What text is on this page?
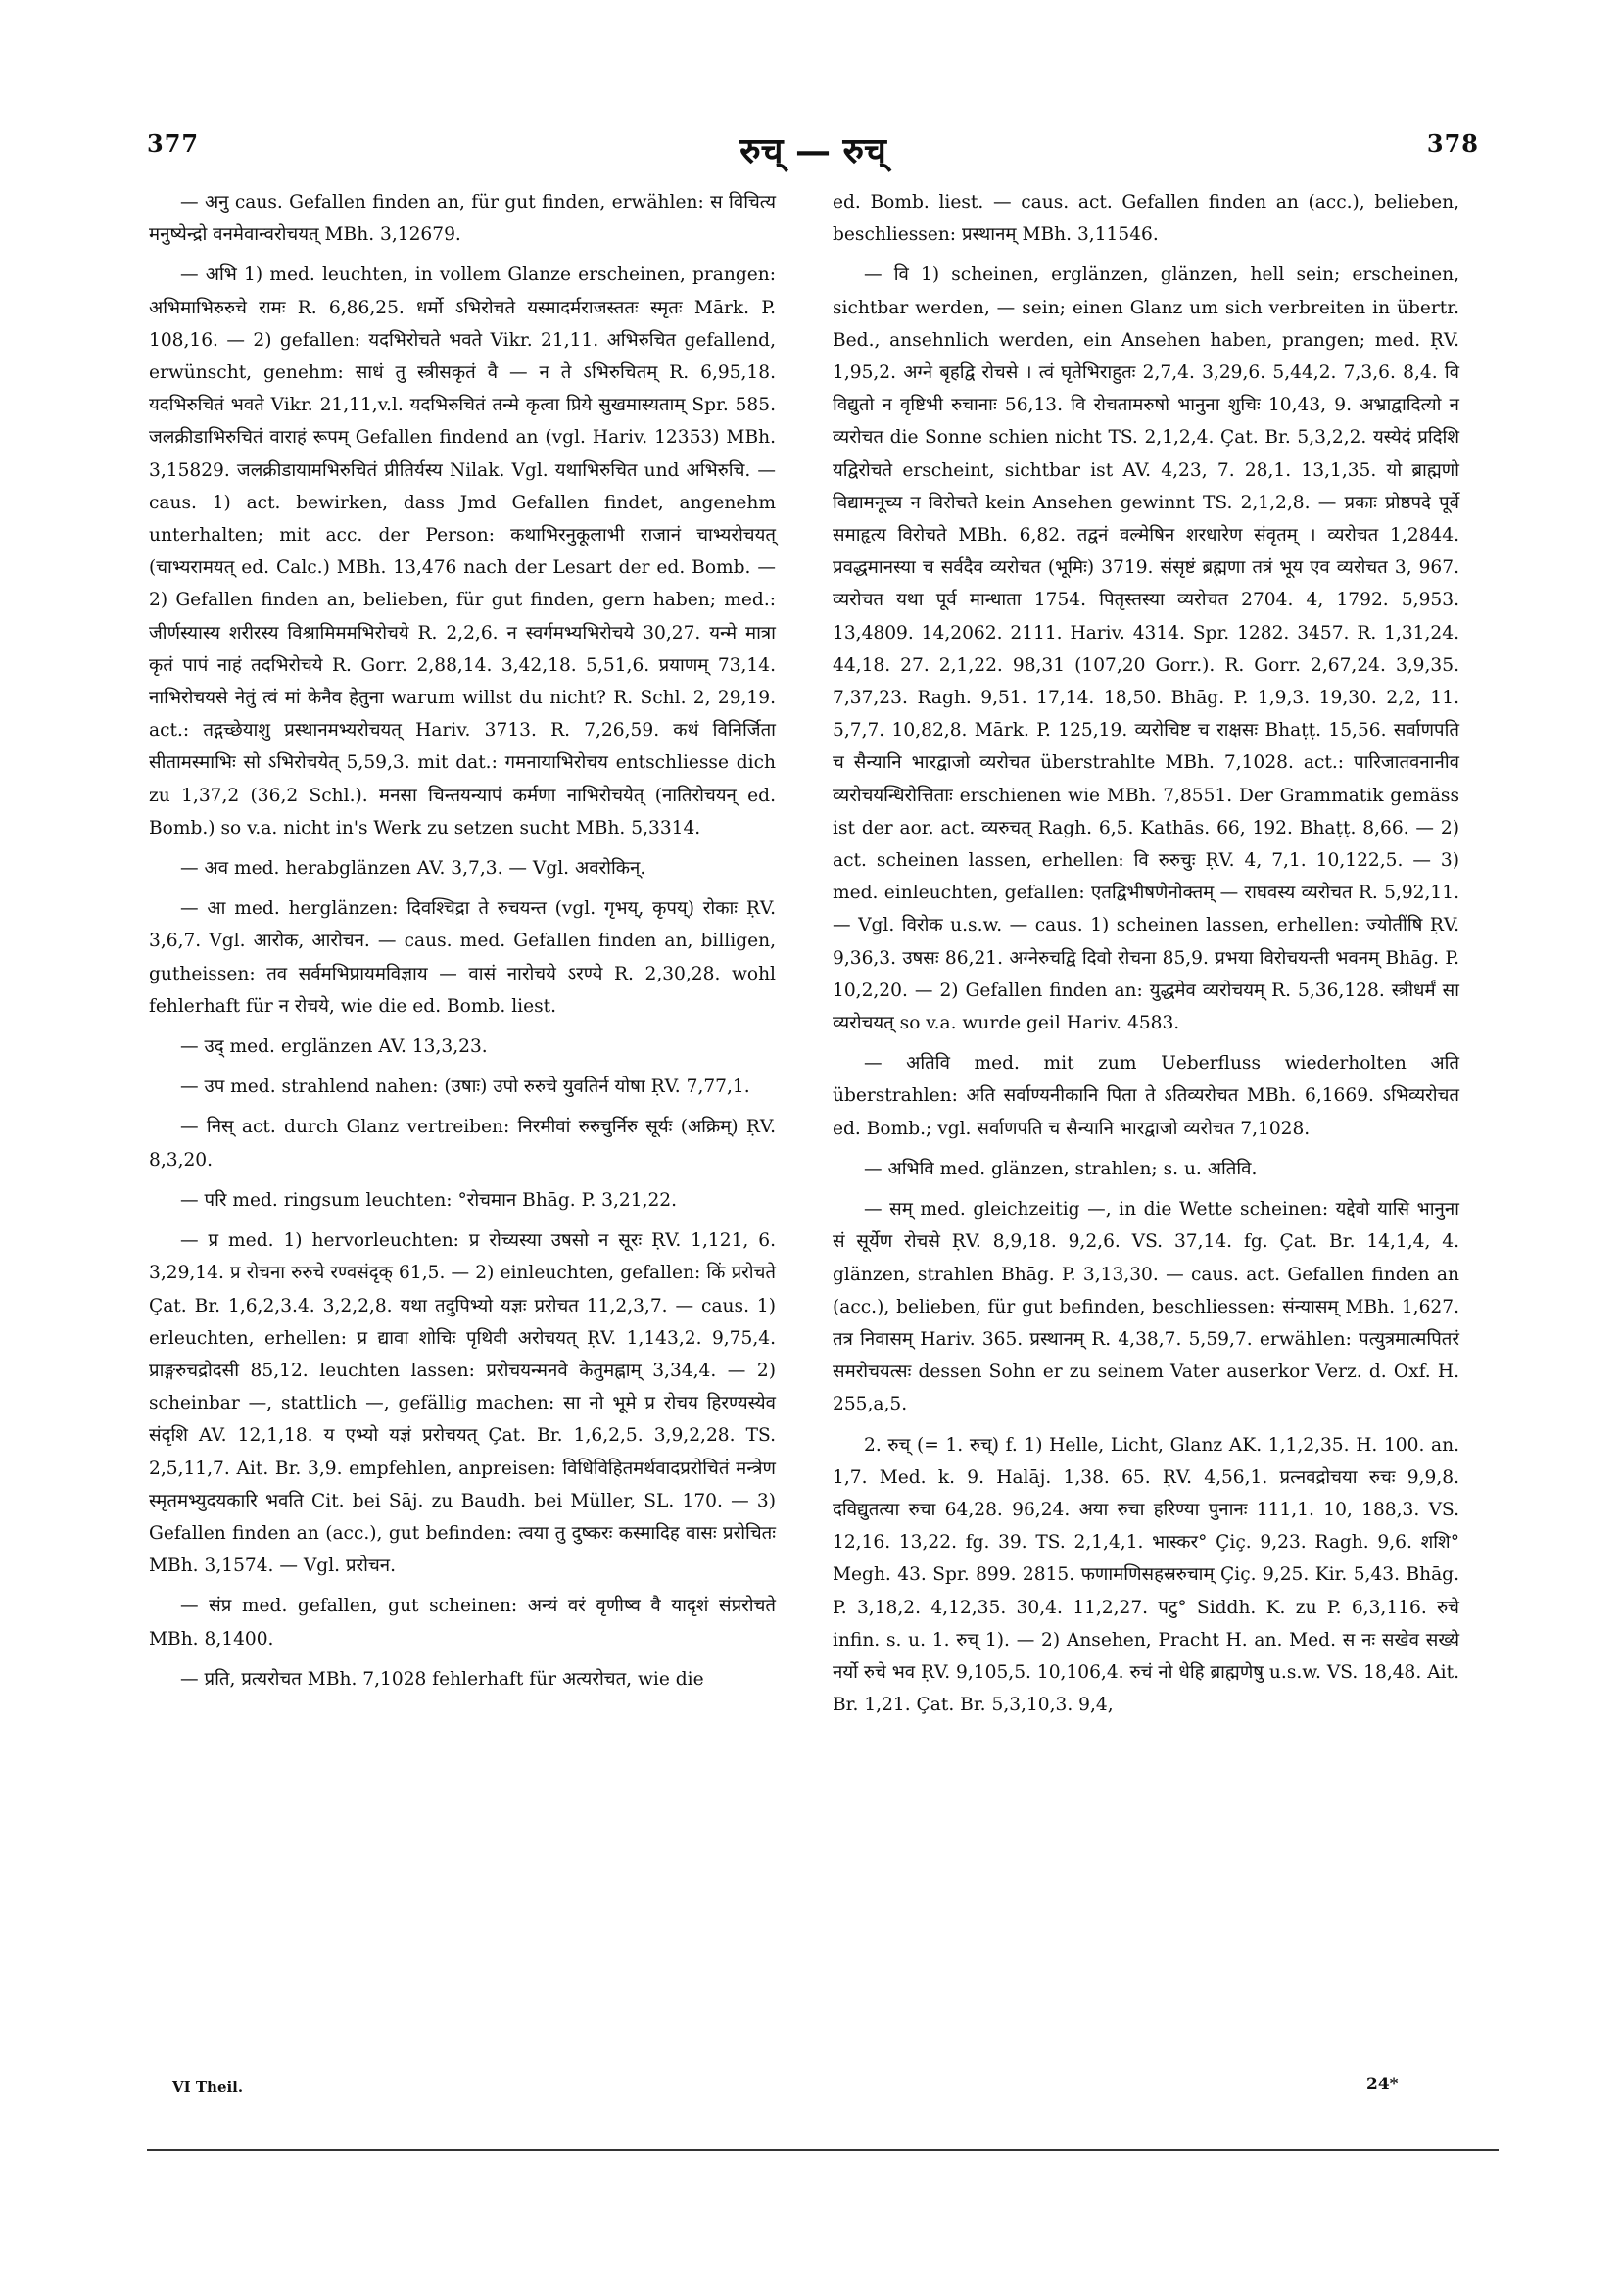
377	रुच् — रुच्	378

— अनु caus. Gefallen finden an, für gut finden, erwählen: स विचित्य मनुष्येन्द्रो वनमेवान्वरोचयत् MBh. 3,12679.

— अभि 1) med. leuchten, in vollem Glanze erscheinen, prangen: अभिमाभिरुरुचे रामः R. 6,86,25. धर्मो ऽभिरोचते यस्मादर्मराजस्ततः स्मृतः Mārk. P. 108,16. — 2) gefallen: यदभिरोचते भवते Vikr. 21,11. अभिरुचित gefallend, erwünscht, genehm: साधं तु स्त्रीसकृतं वै — न ते ऽभिरुचितम् R. 6,95,18. यदभिरुचितं भवते Vikr. 21,11,v.l. यदभिरुचितं तन्मे कृत्वा प्रिये सुखमास्यताम् Spr. 585. जलक्रीडाभिरुचितं वाराहं रूपम् Gefallen findend an (vgl. Hariv. 12353) MBh. 3,15829. जलक्रीडायामभिरुचितं प्रीतिर्यस्य Nilak. Vgl. यथाभिरुचित und अभिरुचि. — caus. 1) act. bewirken, dass Jmd Gefallen findet, angenehm unterhalten; mit acc. der Person: कथाभिरनुकूलाभी राजानं चाभ्यरोचयत् (चाभ्यरामयत् ed. Calc.) MBh. 13,476 nach der Lesart der ed. Bomb. — 2) Gefallen finden an, belieben, für gut finden, gern haben; med.: जीर्णस्यास्य शरीरस्य विश्रामिममभिरोचये R. 2,2,6. न स्वर्गमभ्यभिरोचये 30,27. यन्मे मात्रा कृतं पापं नाहं तदभिरोचये R. Gorr. 2,88,14. 3,42,18. 5,51,6. प्रयाणम् 73,14. नाभिरोचयसे नेतुं त्वं मां केनैव हेतुना warum willst du nicht? R. Schl. 2, 29,19. act.: तद्गच्छेयाशु प्रस्थानमभ्यरोचयत् Hariv. 3713. R. 7,26,59. कथं विनिर्जिता सीतामस्माभिः सो ऽभिरोचयेत् 5,59,3. mit dat.: गमनायाभिरोचय entschliesse dich zu 1,37,2 (36,2 Schl.). मनसा चिन्तयन्यापं कर्मणा नाभिरोचयेत् (नातिरोचयन् ed. Bomb.) so v.a. nicht in's Werk zu setzen sucht MBh. 5,3314.

— अव med. herabglänzen AV. 3,7,3. — Vgl. अवरोकिन्.

— आ med. herglänzen: दिवश्चिद्रा ते रुचयन्त (vgl. गृभय्, कृपय्) रोकाः ṚV. 3,6,7. Vgl. आरोक, आरोचन. — caus. med. Gefallen finden an, billigen, gutheissen: तव सर्वमभिप्रायमविज्ञाय — वासं नारोचये ऽरण्ये R. 2,30,28. wohl fehlerhaft für न रोचये, wie die ed. Bomb. liest.

— उद् med. erglänzen AV. 13,3,23.

— उप med. strahlend nahen: (उषाः) उपो रुरुचे युवतिर्न योषा ṚV. 7,77,1.

— निस् act. durch Glanz vertreiben: निरमीवां रुरुचुर्निरु सूर्यः (अक्रिम्) ṚV. 8,3,20.

— परि med. ringsum leuchten: °रोचमान Bhāg. P. 3,21,22.

— प्र med. 1) hervorleuchten: प्र रोच्यस्या उषसो न सूरः ṚV. 1,121, 6. 3,29,14. प्र रोचना रुरुचे रण्वसंदृक् 61,5. — 2) einleuchten, gefallen: किं प्ररोचते Çat. Br. 1,6,2,3.4. 3,2,2,8. यथा तदुपिभ्यो यज्ञः प्ररोचत 11,2,3,7. — caus. 1) erleuchten, erhellen: प्र द्यावा शोचिः पृथिवी अरोचयत् ṚV. 1,143,2. 9,75,4. प्राङ्गरुचद्रोदसी 85,12. leuchten lassen: प्ररोचयन्मनवे केतुमह्नाम् 3,34,4. — 2) scheinbar —, stattlich —, gefällig machen: सा नो भूमे प्र रोचय हिरण्यस्येव संदृशि AV. 12,1,18. य एभ्यो यज्ञं प्ररोचयत् Çat. Br. 1,6,2,5. 3,9,2,28. TS. 2,5,11,7. Ait. Br. 3,9. empfehlen, anpreisen: विधिविहितमर्थवादप्ररोचितं मन्त्रेण स्मृतमभ्युदयकारि भवति Cit. bei Sāj. zu Baudh. bei Müller, SL. 170. — 3) Gefallen finden an (acc.), gut befinden: त्वया तु दुष्करः कस्मादिह वासः प्ररोचितः MBh. 3,1574. — Vgl. प्ररोचन.

— संप्र med. gefallen, gut scheinen: अन्यं वरं वृणीष्व वै यादृशं संप्ररोचते MBh. 8,1400.

— प्रति, प्रत्यरोचत MBh. 7,1028 fehlerhaft für अत्यरोचत, wie die

ed. Bomb. liest. — caus. act. Gefallen finden an (acc.), belieben, beschliessen: प्रस्थानम् MBh. 3,11546.

— वि 1) scheinen, erglänzen, glänzen, hell sein; erscheinen, sichtbar werden, — sein; einen Glanz um sich verbreiten in übertr. Bed., ansehnlich werden, ein Ansehen haben, prangen; med. ṚV. 1,95,2. अग्ने बृहद्वि रोचसे । त्वं घृतेभिराहुतः 2,7,4. 3,29,6. 5,44,2. 7,3,6. 8,4. वि विद्युतो न वृष्टिभी रुचानाः 56,13. वि रोचतामरुषो भानुना शुचिः 10,43, 9. अभ्राद्वादित्यो न व्यरोचत die Sonne schien nicht TS. 2,1,2,4. Çat. Br. 5,3,2,2. यस्येदं प्रदिशि यद्विरोचते erscheint, sichtbar ist AV. 4,23, 7. 28,1. 13,1,35. यो ब्राह्मणो विद्यामनूच्य न विरोचते kein Ansehen gewinnt TS. 2,1,2,8. — प्रकाः प्रोष्ठपदे पूर्वे समाहृत्य विरोचते MBh. 6,82. तद्वनं वल्मेषिन शरधारेण संवृतम् । व्यरोचत 1,2844. प्रवद्धमानस्या च सर्वदैव व्यरोचत (भूमिः) 3719. संसृष्टं ब्रह्मणा तत्रं भूय एव व्यरोचत 3, 967. व्यरोचत यथा पूर्व मान्धाता 1754. पितृस्तस्या व्यरोचत 2704. 4, 1792. 5,953. 13,4809. 14,2062. 2111. Hariv. 4314. Spr. 1282. 3457. R. 1,31,24. 44,18. 27. 2,1,22. 98,31 (107,20 Gorr.). R. Gorr. 2,67,24. 3,9,35. 7,37,23. Ragh. 9,51. 17,14. 18,50. Bhāg. P. 1,9,3. 19,30. 2,2, 11. 5,7,7. 10,82,8. Mārk. P. 125,19. व्यरोचिष्ट च राक्षसः Bhaṭṭ. 15,56. सर्वाणपति च सैन्यानि भारद्वाजो व्यरोचत überstrahlte MBh. 7,1028. act.: पारिजातवनानीव व्यरोचयन्धिरोत्तिताः erschienen wie MBh. 7,8551. Der Grammatik gemäss ist der aor. act. व्यरुचत् Ragh. 6,5. Kathās. 66, 192. Bhaṭṭ. 8,66. — 2) act. scheinen lassen, erhellen: वि रुरुचुः ṚV. 4, 7,1. 10,122,5. — 3) med. einleuchten, gefallen: एतद्विभीषणेनोक्तम् — राघवस्य व्यरोचत R. 5,92,11. — Vgl. विरोक u.s.w. — caus. 1) scheinen lassen, erhellen: ज्योतींषि ṚV. 9,36,3. उषसः 86,21. अग्नेरुचद्वि दिवो रोचना 85,9. प्रभया विरोचयन्ती भवनम् Bhāg. P. 10,2,20. — 2) Gefallen finden an: युद्धमेव व्यरोचयम् R. 5,36,128. स्त्रीधर्मं सा व्यरोचयत् so v.a. wurde geil Hariv. 4583.

— अतिवि med. mit zum Ueberfluss wiederholten अति überstrahlen: अति सर्वाण्यनीकानि पिता ते ऽतिव्यरोचत MBh. 6,1669. ऽभिव्यरोचत ed. Bomb.; vgl. सर्वाणपति च सैन्यानि भारद्वाजो व्यरोचत 7,1028.

— अभिवि med. glänzen, strahlen; s. u. अतिवि.

— सम् med. gleichzeitig —, in die Wette scheinen: यद्देवो यासि भानुना सं सूर्येण रोचसे ṚV. 8,9,18. 9,2,6. VS. 37,14. fg. Çat. Br. 14,1,4, 4. glänzen, strahlen Bhāg. P. 3,13,30. — caus. act. Gefallen finden an (acc.), belieben, für gut befinden, beschliessen: संन्यासम् MBh. 1,627. तत्र निवासम् Hariv. 365. प्रस्थानम् R. 4,38,7. 5,59,7. erwählen: पत्युत्रमात्मपितरं समरोचयत्सः dessen Sohn er zu seinem Vater auserkor Verz. d. Oxf. H. 255,a,5.

2. रुच् (= 1. रुच्) f. 1) Helle, Licht, Glanz AK. 1,1,2,35. H. 100. an. 1,7. Med. k. 9. Halāj. 1,38. 65. ṚV. 4,56,1. प्रत्नवद्रोचया रुचः 9,9,8. दविद्युतत्या रुचा 64,28. 96,24. अया रुचा हरिण्या पुनानः 111,1. 10, 188,3. VS. 12,16. 13,22. fg. 39. TS. 2,1,4,1. भास्कर° Çiç. 9,23. Ragh. 9,6. शशि° Megh. 43. Spr. 899. 2815. फणामणिसहस्ररुचाम् Çiç. 9,25. Kir. 5,43. Bhāg. P. 3,18,2. 4,12,35. 30,4. 11,2,27. पटु° Siddh. K. zu P. 6,3,116. रुचे infin. s. u. 1. रुच् 1). — 2) Ansehen, Pracht H. an. Med. स नः सखेव सख्ये नर्यो रुचे भव ṚV. 9,105,5. 10,106,4. रुचं नो धेहि ब्राह्मणेषु u.s.w. VS. 18,48. Ait. Br. 1,21. Çat. Br. 5,3,10,3. 9,4,

VI Theil.	24*
